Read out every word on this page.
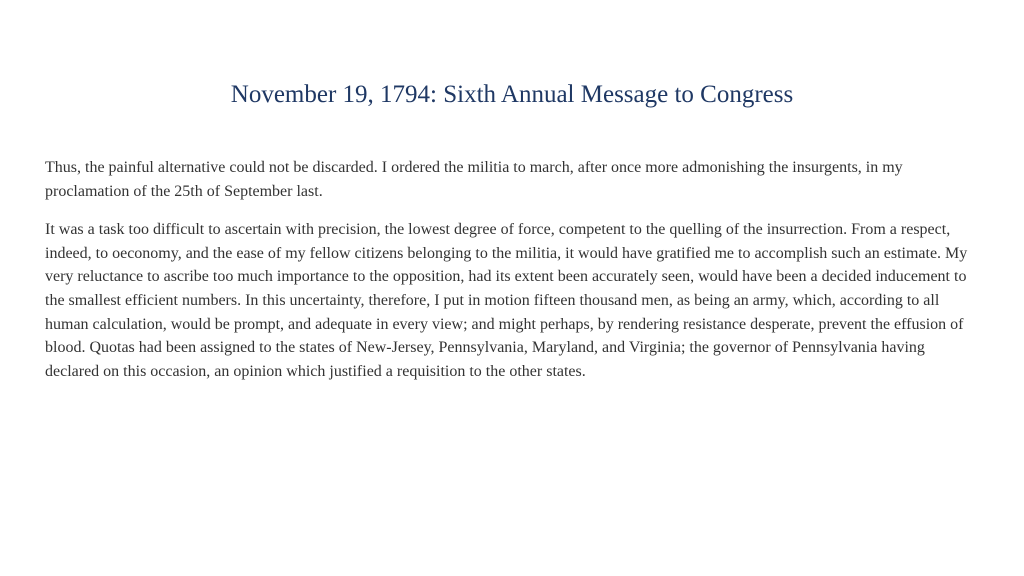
November 19, 1794: Sixth Annual Message to Congress

Thus, the painful alternative could not be discarded. I ordered the militia to march, after once more admonishing the insurgents, in my proclamation of the 25th of September last.

It was a task too difficult to ascertain with precision, the lowest degree of force, competent to the quelling of the insurrection. From a respect, indeed, to oeconomy, and the ease of my fellow citizens belonging to the militia, it would have gratified me to accomplish such an estimate. My very reluctance to ascribe too much importance to the opposition, had its extent been accurately seen, would have been a decided inducement to the smallest efficient numbers. In this uncertainty, therefore, I put in motion fifteen thousand men, as being an army, which, according to all human calculation, would be prompt, and adequate in every view; and might perhaps, by rendering resistance desperate, prevent the effusion of blood. Quotas had been assigned to the states of New-Jersey, Pennsylvania, Maryland, and Virginia; the governor of Pennsylvania having declared on this occasion, an opinion which justified a requisition to the other states.
